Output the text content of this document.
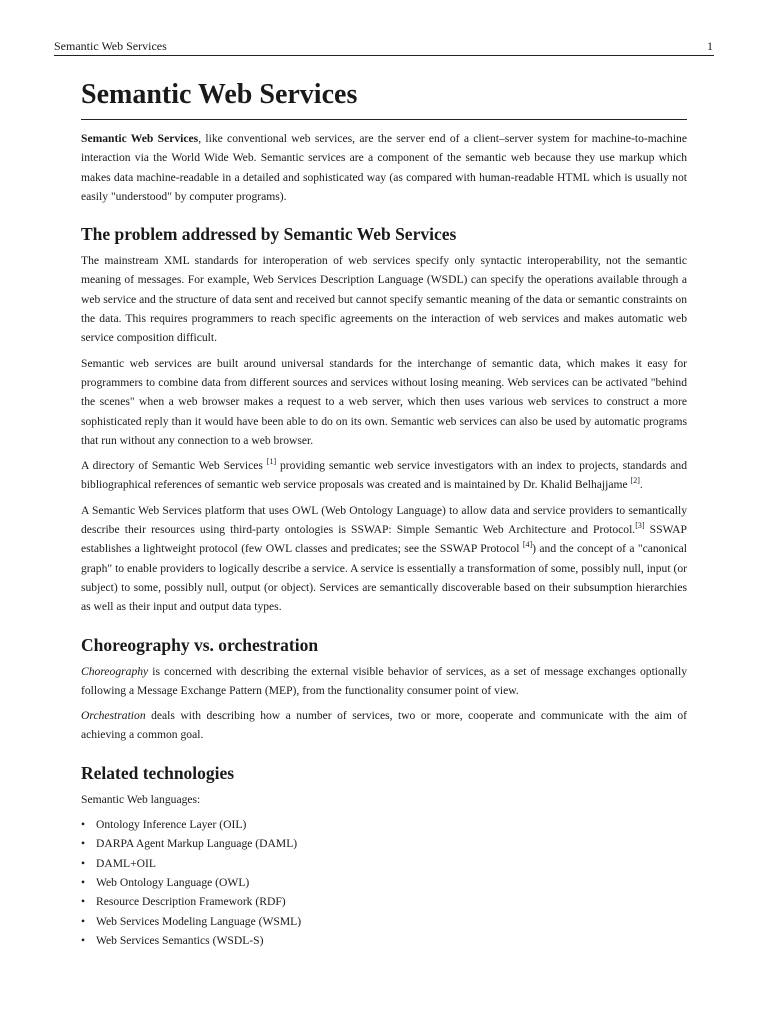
Semantic Web Services	1
Semantic Web Services

Semantic Web Services, like conventional web services, are the server end of a client–server system for machine-to-machine interaction via the World Wide Web. Semantic services are a component of the semantic web because they use markup which makes data machine-readable in a detailed and sophisticated way (as compared with human-readable HTML which is usually not easily "understood" by computer programs).

The problem addressed by Semantic Web Services

The mainstream XML standards for interoperation of web services specify only syntactic interoperability, not the semantic meaning of messages. For example, Web Services Description Language (WSDL) can specify the operations available through a web service and the structure of data sent and received but cannot specify semantic meaning of the data or semantic constraints on the data. This requires programmers to reach specific agreements on the interaction of web services and makes automatic web service composition difficult.

Semantic web services are built around universal standards for the interchange of semantic data, which makes it easy for programmers to combine data from different sources and services without losing meaning. Web services can be activated "behind the scenes" when a web browser makes a request to a web server, which then uses various web services to construct a more sophisticated reply than it would have been able to do on its own. Semantic web services can also be used by automatic programs that run without any connection to a web browser.

A directory of Semantic Web Services [1] providing semantic web service investigators with an index to projects, standards and bibliographical references of semantic web service proposals was created and is maintained by Dr. Khalid Belhajjame [2].

A Semantic Web Services platform that uses OWL (Web Ontology Language) to allow data and service providers to semantically describe their resources using third-party ontologies is SSWAP: Simple Semantic Web Architecture and Protocol.[3] SSWAP establishes a lightweight protocol (few OWL classes and predicates; see the SSWAP Protocol [4]) and the concept of a "canonical graph" to enable providers to logically describe a service. A service is essentially a transformation of some, possibly null, input (or subject) to some, possibly null, output (or object). Services are semantically discoverable based on their subsumption hierarchies as well as their input and output data types.

Choreography vs. orchestration

Choreography is concerned with describing the external visible behavior of services, as a set of message exchanges optionally following a Message Exchange Pattern (MEP), from the functionality consumer point of view.

Orchestration deals with describing how a number of services, two or more, cooperate and communicate with the aim of achieving a common goal.

Related technologies

Semantic Web languages:

• Ontology Inference Layer (OIL)
• DARPA Agent Markup Language (DAML)
• DAML+OIL
• Web Ontology Language (OWL)
• Resource Description Framework (RDF)
• Web Services Modeling Language (WSML)
• Web Services Semantics (WSDL-S)
